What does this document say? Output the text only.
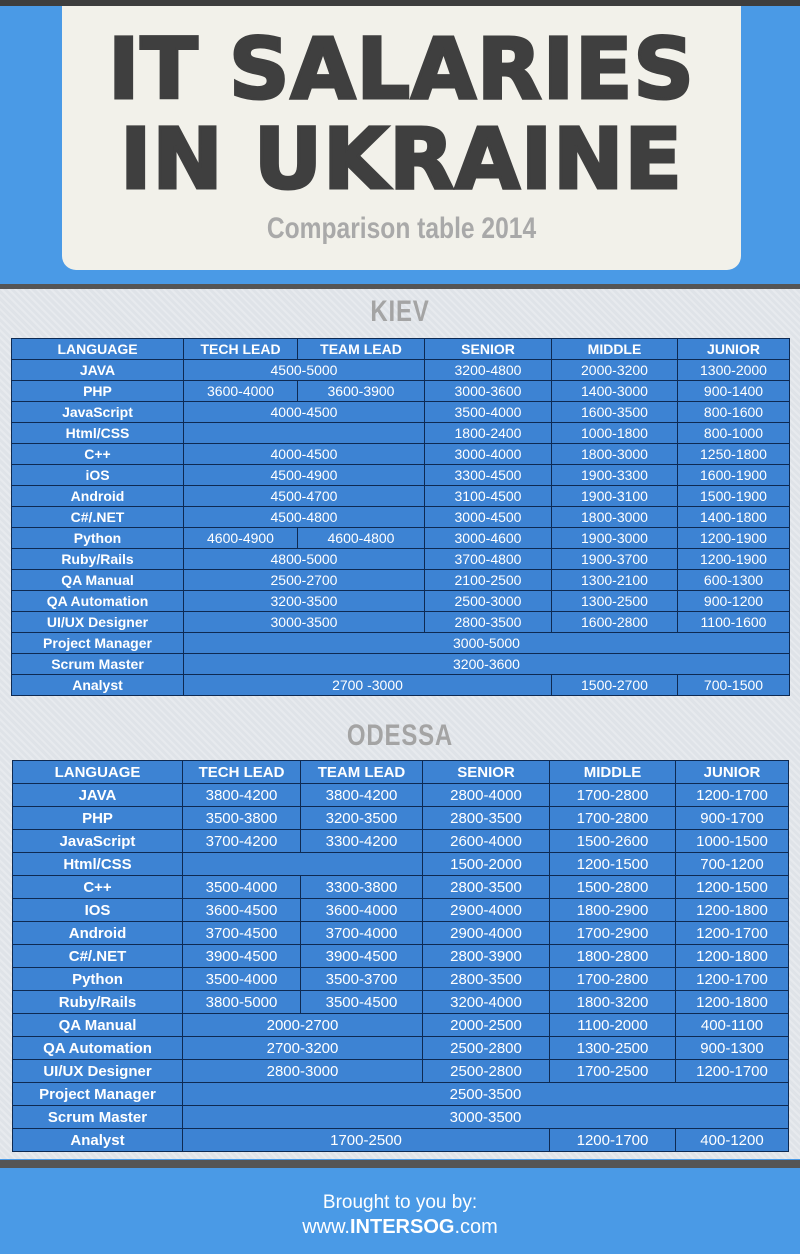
IT SALARIES
IN UKRAINE
Comparison table 2014
KIEV
ODESSA
LANGUAGE	TECH LEAD	TEAM LEAD	SENIOR	MIDDLE	JUNIOR
JAVA	4500-5000		3200-4800	2000-3200	1300-2000
PHP	3600-4000	3600-3900	3000-3600	1400-3000	900-1400
JavaScript	4000-4500		3500-4000	1600-3500	800-1600
Html/CSS			1800-2400	1000-1800	800-1000
C++	4000-4500		3000-4000	1800-3000	1250-1800
iOS	4500-4900		3300-4500	1900-3300	1600-1900
Android	4500-4700		3100-4500	1900-3100	1500-1900
C#/.NET	4500-4800		3000-4500	1800-3000	1400-1800
Python	4600-4900	4600-4800	3000-4600	1900-3000	1200-1900
Ruby/Rails	4800-5000		3700-4800	1900-3700	1200-1900
QA Manual	2500-2700		2100-2500	1300-2100	600-1300
QA Automation	3200-3500		2500-3000	1300-2500	900-1200
UI/UX Designer	3000-3500		2800-3500	1600-2800	1100-1600
Project Manager	3000-5000				
Scrum Master	3200-3600				
Analyst	2700 -3000			1500-2700	700-1500
LANGUAGE	TECH LEAD	TEAM LEAD	SENIOR	MIDDLE	JUNIOR
JAVA	3800-4200	3800-4200	2800-4000	1700-2800	1200-1700
PHP	3500-3800	3200-3500	2800-3500	1700-2800	900-1700
JavaScript	3700-4200	3300-4200	2600-4000	1500-2600	1000-1500
Html/CSS			1500-2000	1200-1500	700-1200
C++	3500-4000	3300-3800	2800-3500	1500-2800	1200-1500
IOS	3600-4500	3600-4000	2900-4000	1800-2900	1200-1800
Android	3700-4500	3700-4000	2900-4000	1700-2900	1200-1700
C#/.NET	3900-4500	3900-4500	2800-3900	1800-2800	1200-1800
Python	3500-4000	3500-3700	2800-3500	1700-2800	1200-1700
Ruby/Rails	3800-5000	3500-4500	3200-4000	1800-3200	1200-1800
QA Manual	2000-2700		2000-2500	1100-2000	400-1100
QA Automation	2700-3200		2500-2800	1300-2500	900-1300
UI/UX Designer	2800-3000		2500-2800	1700-2500	1200-1700
Project Manager	2500-3500				
Scrum Master	3000-3500				
Analyst	1700-2500			1200-1700	400-1200
Brought to you by:
www.INTERSOG.com
